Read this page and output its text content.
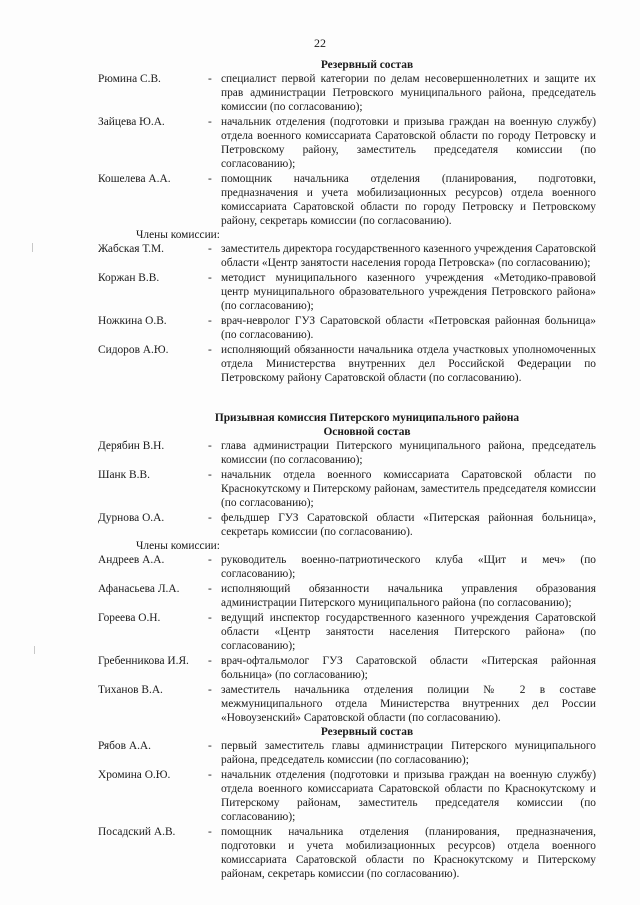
22
Резервный состав
Рюмина С.В.	- специалист первой категории по делам несовершеннолетних и защите их прав администрации Петровского муниципального района, председатель комиссии (по согласованию);
Зайцева Ю.А.	- начальник отделения (подготовки и призыва граждан на военную службу) отдела военного комиссариата Саратовской области по городу Петровску и Петровскому району, заместитель председателя комиссии (по согласованию);
Кошелева А.А.	- помощник начальника отделения (планирования, подготовки, предназначения и учета мобилизационных ресурсов) отдела военного комиссариата Саратовской области по городу Петровску и Петровскому району, секретарь комиссии (по согласованию).
Члены комиссии:
Жабская Т.М.	- заместитель директора государственного казенного учреждения Саратовской области «Центр занятости населения города Петровска» (по согласованию);
Коржан В.В.	- методист муниципального казенного учреждения «Методико-правовой центр муниципального образовательного учреждения Петровского района» (по согласованию);
Ножкина О.В.	- врач-невролог ГУЗ Саратовской области «Петровская районная больница» (по согласованию).
Сидоров А.Ю.	- исполняющий обязанности начальника отдела участковых уполномоченных отдела Министерства внутренних дел Российской Федерации по Петровскому району Саратовской области (по согласованию).
Призывная комиссия Питерского муниципального района
Основной состав
Дерябин В.Н.	- глава администрации Питерского муниципального района, председатель комиссии (по согласованию);
Шанк В.В.	- начальник отдела военного комиссариата Саратовской области по Краснокутскому и Питерскому районам, заместитель председателя комиссии (по согласованию);
Дурнова О.А.	- фельдшер ГУЗ Саратовской области «Питерская районная больница», секретарь комиссии (по согласованию).
Члены комиссии:
Андреев А.А.	- руководитель военно-патриотического клуба «Щит и меч» (по согласованию);
Афанасьева Л.А.	- исполняющий обязанности начальника управления образования администрации Питерского муниципального района (по согласованию);
Гореева О.Н.	- ведущий инспектор государственного казенного учреждения Саратовской области «Центр занятости населения Питерского района» (по согласованию);
Гребенникова И.Я.	- врач-офтальмолог ГУЗ Саратовской области «Питерская районная больница» (по согласованию);
Тиханов В.А.	- заместитель начальника отделения полиции № 2 в составе межмуниципального отдела Министерства внутренних дел России «Новоузенский» Саратовской области (по согласованию).
Резервный состав
Рябов А.А.	- первый заместитель главы администрации Питерского муниципального района, председатель комиссии (по согласованию);
Хромина О.Ю.	- начальник отделения (подготовки и призыва граждан на военную службу) отдела военного комиссариата Саратовской области по Краснокутскому и Питерскому районам, заместитель председателя комиссии (по согласованию);
Посадский А.В.	- помощник начальника отделения (планирования, предназначения, подготовки и учета мобилизационных ресурсов) отдела военного комиссариата Саратовской области по Краснокутскому и Питерскому районам, секретарь комиссии (по согласованию).
